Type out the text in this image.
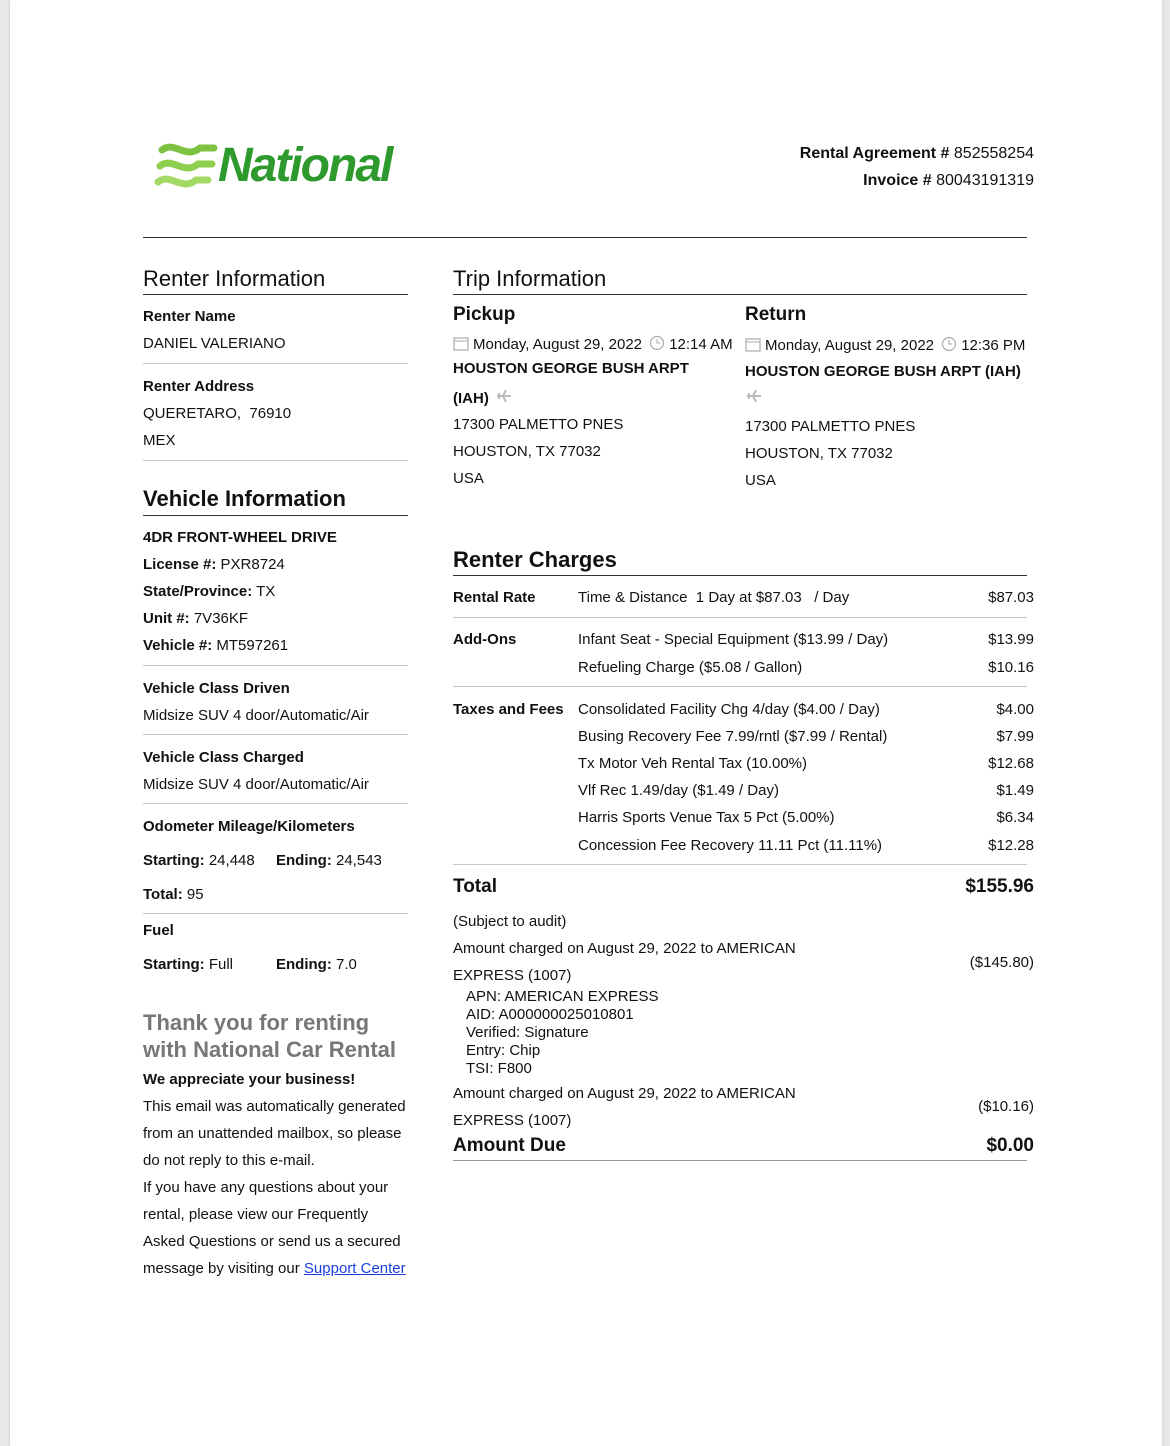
National	Rental Agreement # 852558254
Invoice # 80043191319
Renter Information
Renter Name
DANIEL VALERIANO
Renter Address
QUERETARO,  76910
MEX
Vehicle Information
4DR FRONT-WHEEL DRIVE
License #: PXR8724
State/Province: TX
Unit #: 7V36KF
Vehicle #: MT597261
Vehicle Class Driven
Midsize SUV 4 door/Automatic/Air
Vehicle Class Charged
Midsize SUV 4 door/Automatic/Air
Odometer Mileage/Kilometers
Starting: 24,448 Ending: 24,543
Total: 95
Fuel
Starting: Full	Ending: 7.0
Thank you for renting
with National Car Rental
We appreciate your business!
This email was automatically generated from an unattended mailbox, so please do not reply to this e-mail.
If you have any questions about your rental, please view our Frequently Asked Questions or send us a secured message by visiting our Support Center
Trip Information
Pickup
Monday, August 29, 2022 12:14 AM
HOUSTON GEORGE BUSH ARPT
(IAH)
17300 PALMETTO PNES
HOUSTON, TX 77032
USA
Return
Monday, August 29, 2022 12:36 PM
HOUSTON GEORGE BUSH ARPT (IAH)
17300 PALMETTO PNES
HOUSTON, TX 77032
USA
Renter Charges
Rental Rate	Time & Distance  1 Day at $87.03   / Day	$87.03
Add-Ons	Infant Seat - Special Equipment ($13.99 / Day)	$13.99
Refueling Charge ($5.08 / Gallon)	$10.16
Taxes and Fees Consolidated Facility Chg 4/day ($4.00 / Day)	$4.00
Busing Recovery Fee 7.99/rntl ($7.99 / Rental)	$7.99
Tx Motor Veh Rental Tax (10.00%)	$12.68
Vlf Rec 1.49/day ($1.49 / Day)	$1.49
Harris Sports Venue Tax 5 Pct (5.00%)	$6.34
Concession Fee Recovery 11.11 Pct (11.11%)	$12.28
Total	$155.96
(Subject to audit)
Amount charged on August 29, 2022 to AMERICAN
EXPRESS (1007)
($145.80)
APN: AMERICAN EXPRESS
AID: A000000025010801
Verified: Signature
Entry: Chip
TSI: F800
Amount charged on August 29, 2022 to AMERICAN
EXPRESS (1007)
($10.16)
Amount Due	$0.00
